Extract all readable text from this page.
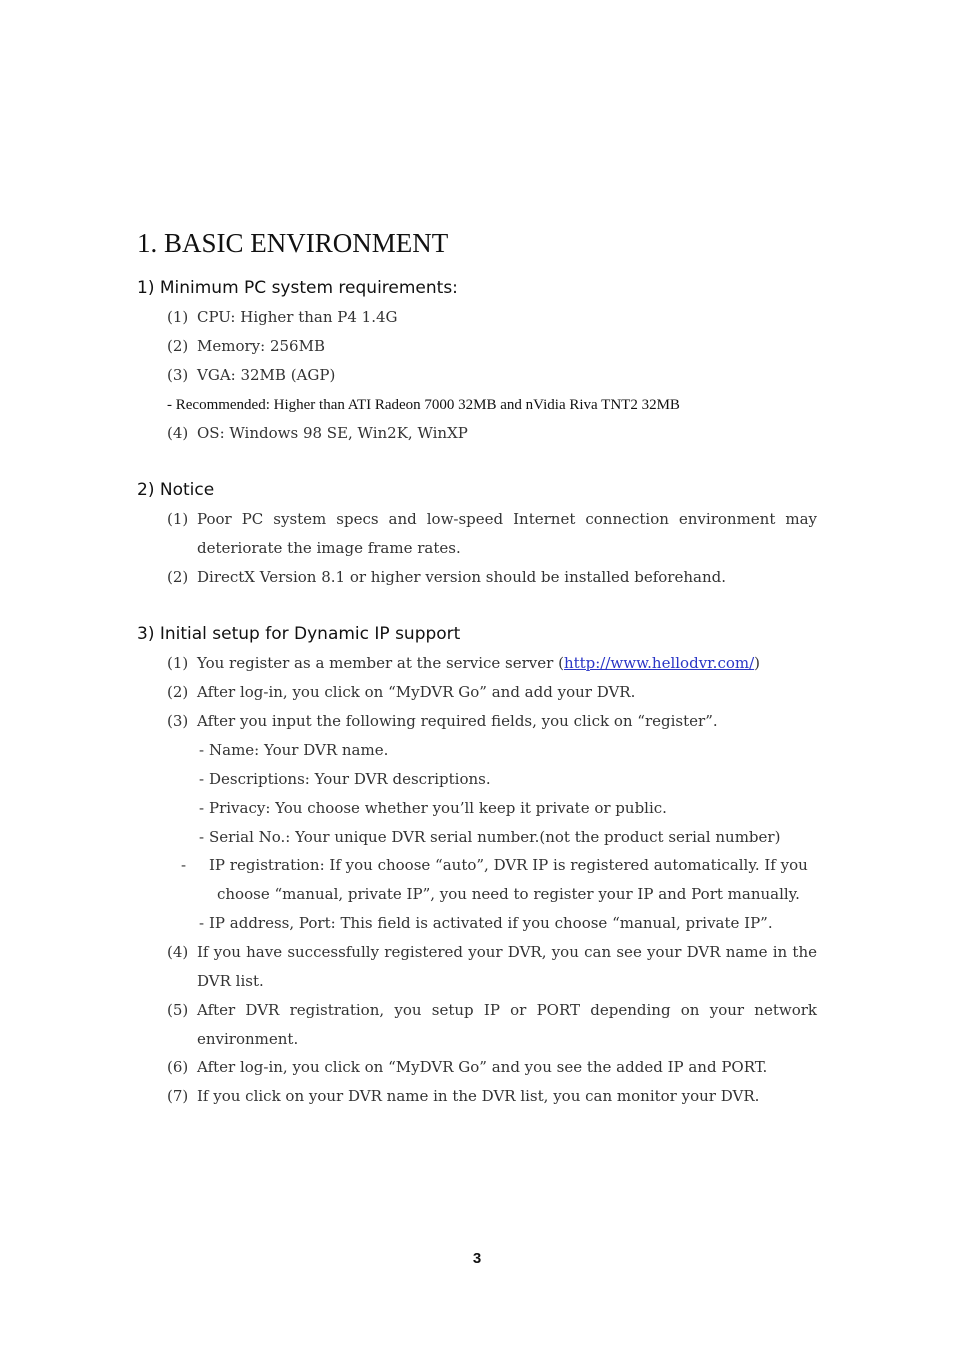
1. BASIC ENVIRONMENT
1) Minimum PC system requirements:

(1) CPU: Higher than P4 1.4G

(2) Memory: 256MB

(3) VGA: 32MB (AGP)

- Recommended: Higher than ATI Radeon 7000 32MB and nVidia Riva TNT2 32MB

(4) OS: Windows 98 SE, Win2K, WinXP

2) Notice

(1) Poor PC system specs and low-speed Internet connection environment may deteriorate the image frame rates.

(2) DirectX Version 8.1 or higher version should be installed beforehand.

3) Initial setup for Dynamic IP support

(1) You register as a member at the service server (http://www.hellodvr.com/)

(2) After log-in, you click on “MyDVR Go” and add your DVR.

(3) After you input the following required fields, you click on “register”.

- Name: Your DVR name.

- Descriptions: Your DVR descriptions.

- Privacy: You choose whether you’ll keep it private or public.

- Serial No.: Your unique DVR serial number.(not the product serial number)

- IP registration: If you choose “auto”, DVR IP is registered automatically. If you choose “manual, private IP”, you need to register your IP and Port manually.

- IP address, Port: This field is activated if you choose “manual, private IP”.

(4) If you have successfully registered your DVR, you can see your DVR name in the DVR list.

(5) After DVR registration, you setup IP or PORT depending on your network environment.

(6) After log-in, you click on “MyDVR Go” and you see the added IP and PORT.

(7) If you click on your DVR name in the DVR list, you can monitor your DVR.

3
